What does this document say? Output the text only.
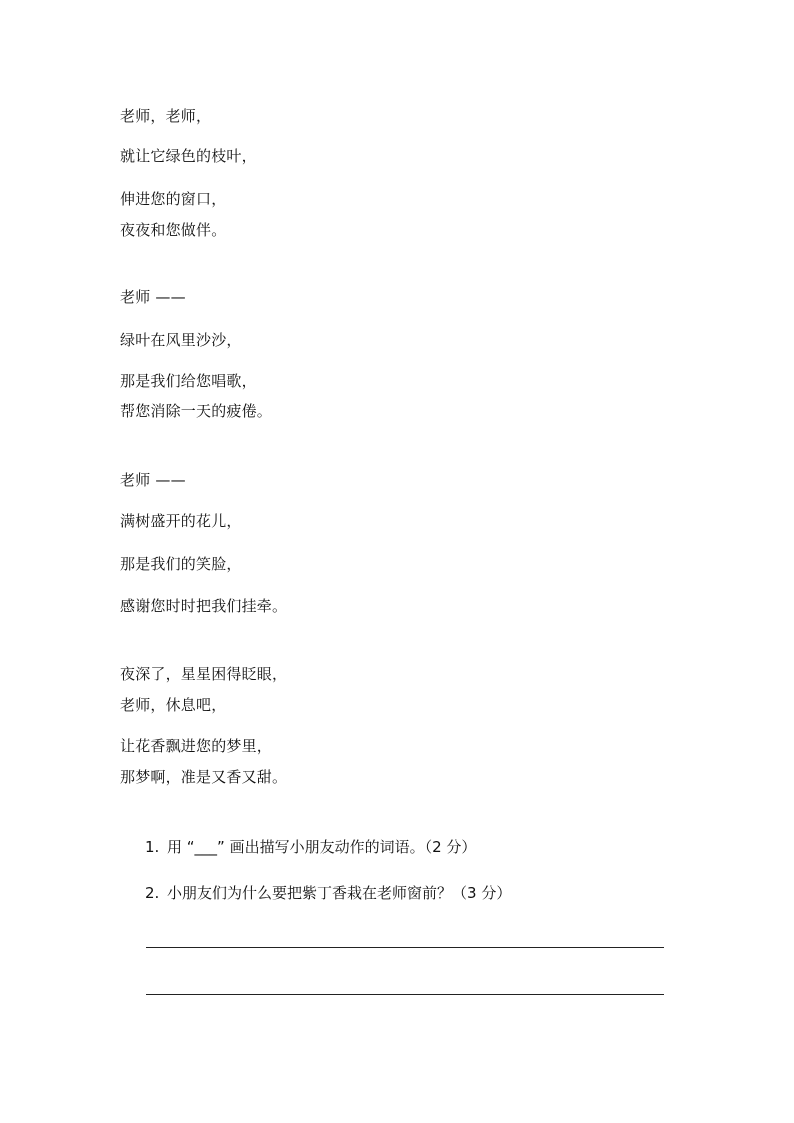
老师，老师，
就让它绿色的枝叶，
伸进您的窗口，
夜夜和您做伴。
老师 ——
绿叶在风里沙沙，
那是我们给您唱歌，
帮您消除一天的疲倦。
老师 ——
满树盛开的花儿，
那是我们的笑脸，
感谢您时时把我们挂牵。
夜深了，星星困得眨眼，
老师，休息吧，
让花香飘进您的梦里，
那梦啊，准是又香又甜。
1. 用 “___” 画出描写小朋友动作的词语。（2 分）
2. 小朋友们为什么要把紫丁香栽在老师窗前？（3 分）
